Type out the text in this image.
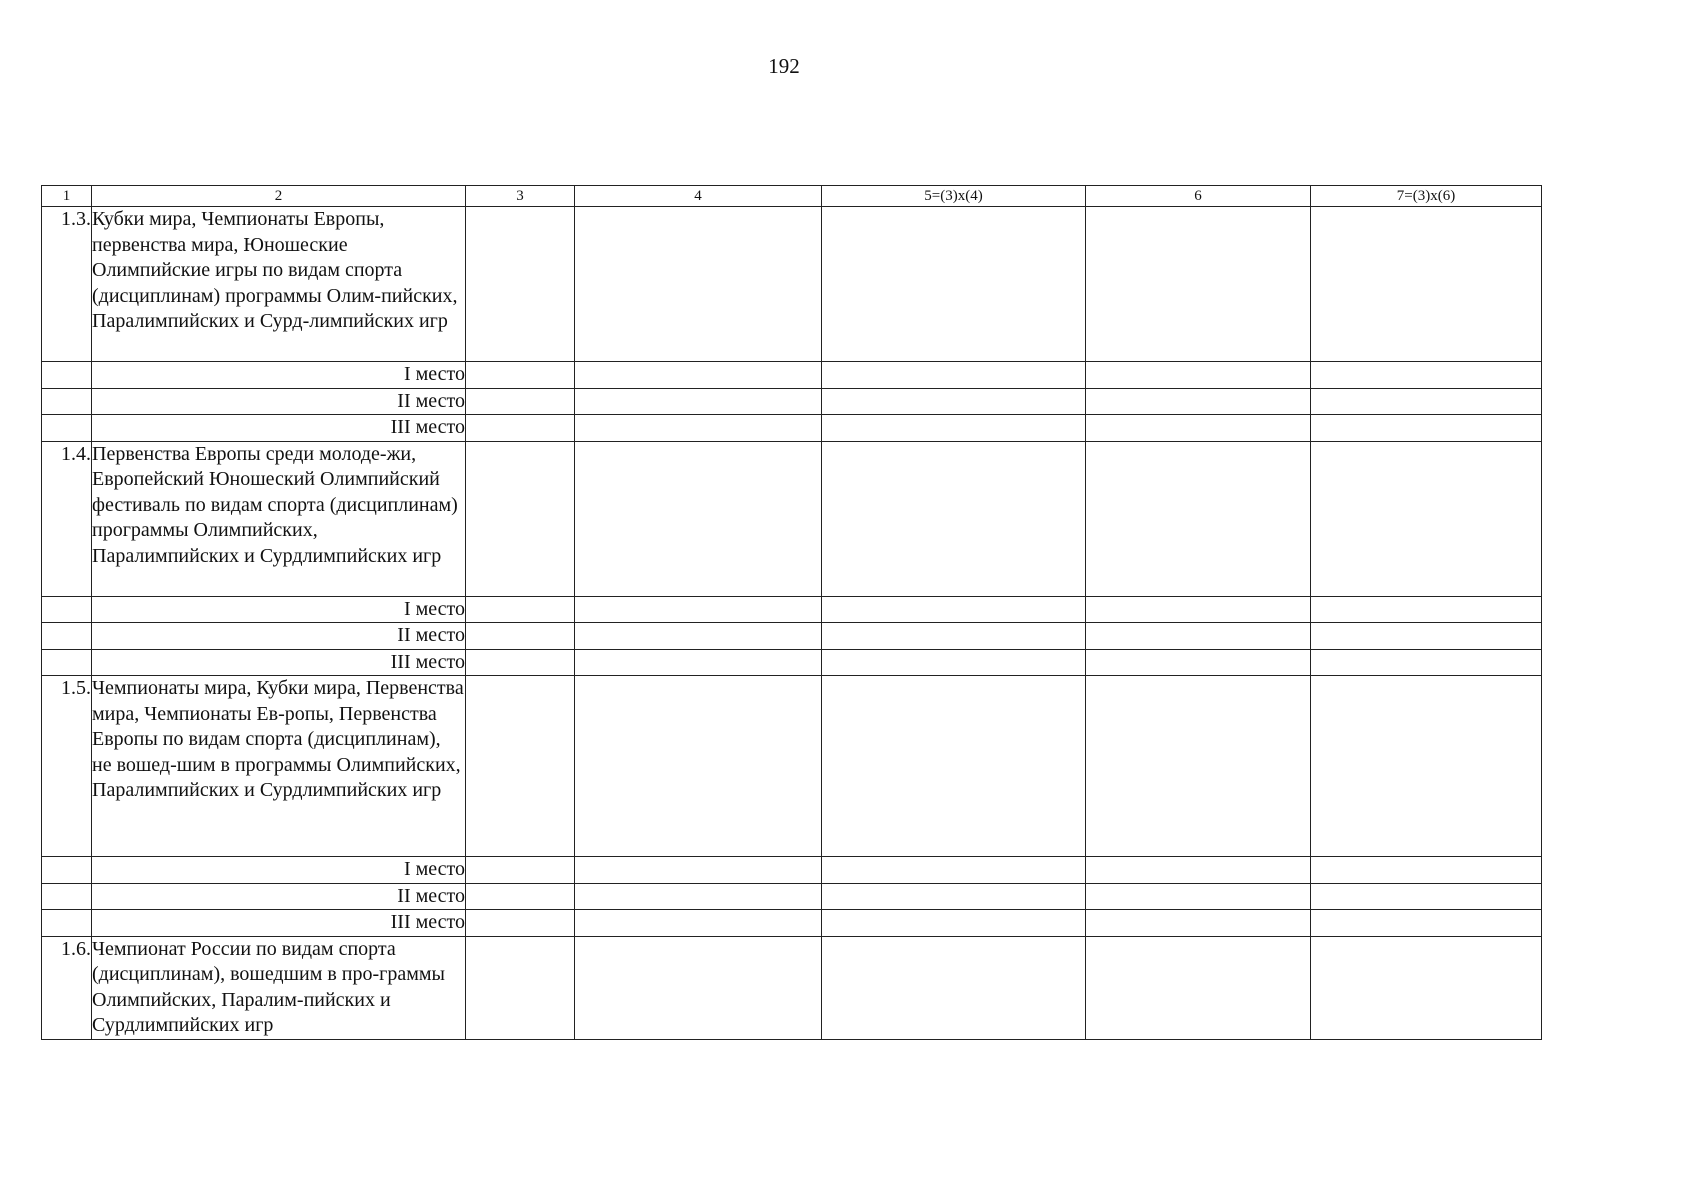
192
1	2	3	4	5=(3)x(4)	6	7=(3)x(6)
1.3.	Кубки мира, Чемпионаты Европы, первенства мира, Юношеские Олимпийские игры по видам спорта (дисциплинам) программы Олим-пийских, Паралимпийских и Сурд-лимпийских игр					
	I место					
	II место					
	III место					
1.4.	Первенства Европы среди молоде-жи, Европейский Юношеский Олимпийский фестиваль по видам спорта (дисциплинам) программы Олимпийских, Паралимпийских и Сурдлимпийских игр					
	I место					
	II место					
	III место					
1.5.	Чемпионаты мира, Кубки мира, Первенства мира, Чемпионаты Ев-ропы, Первенства Европы по видам спорта (дисциплинам), не вошед-шим в программы Олимпийских, Паралимпийских и Сурдлимпийских игр					
	I место					
	II место					
	III место					
1.6.	Чемпионат России по видам спорта (дисциплинам), вошедшим в про-граммы Олимпийских, Паралим-пийских и Сурдлимпийских игр					
